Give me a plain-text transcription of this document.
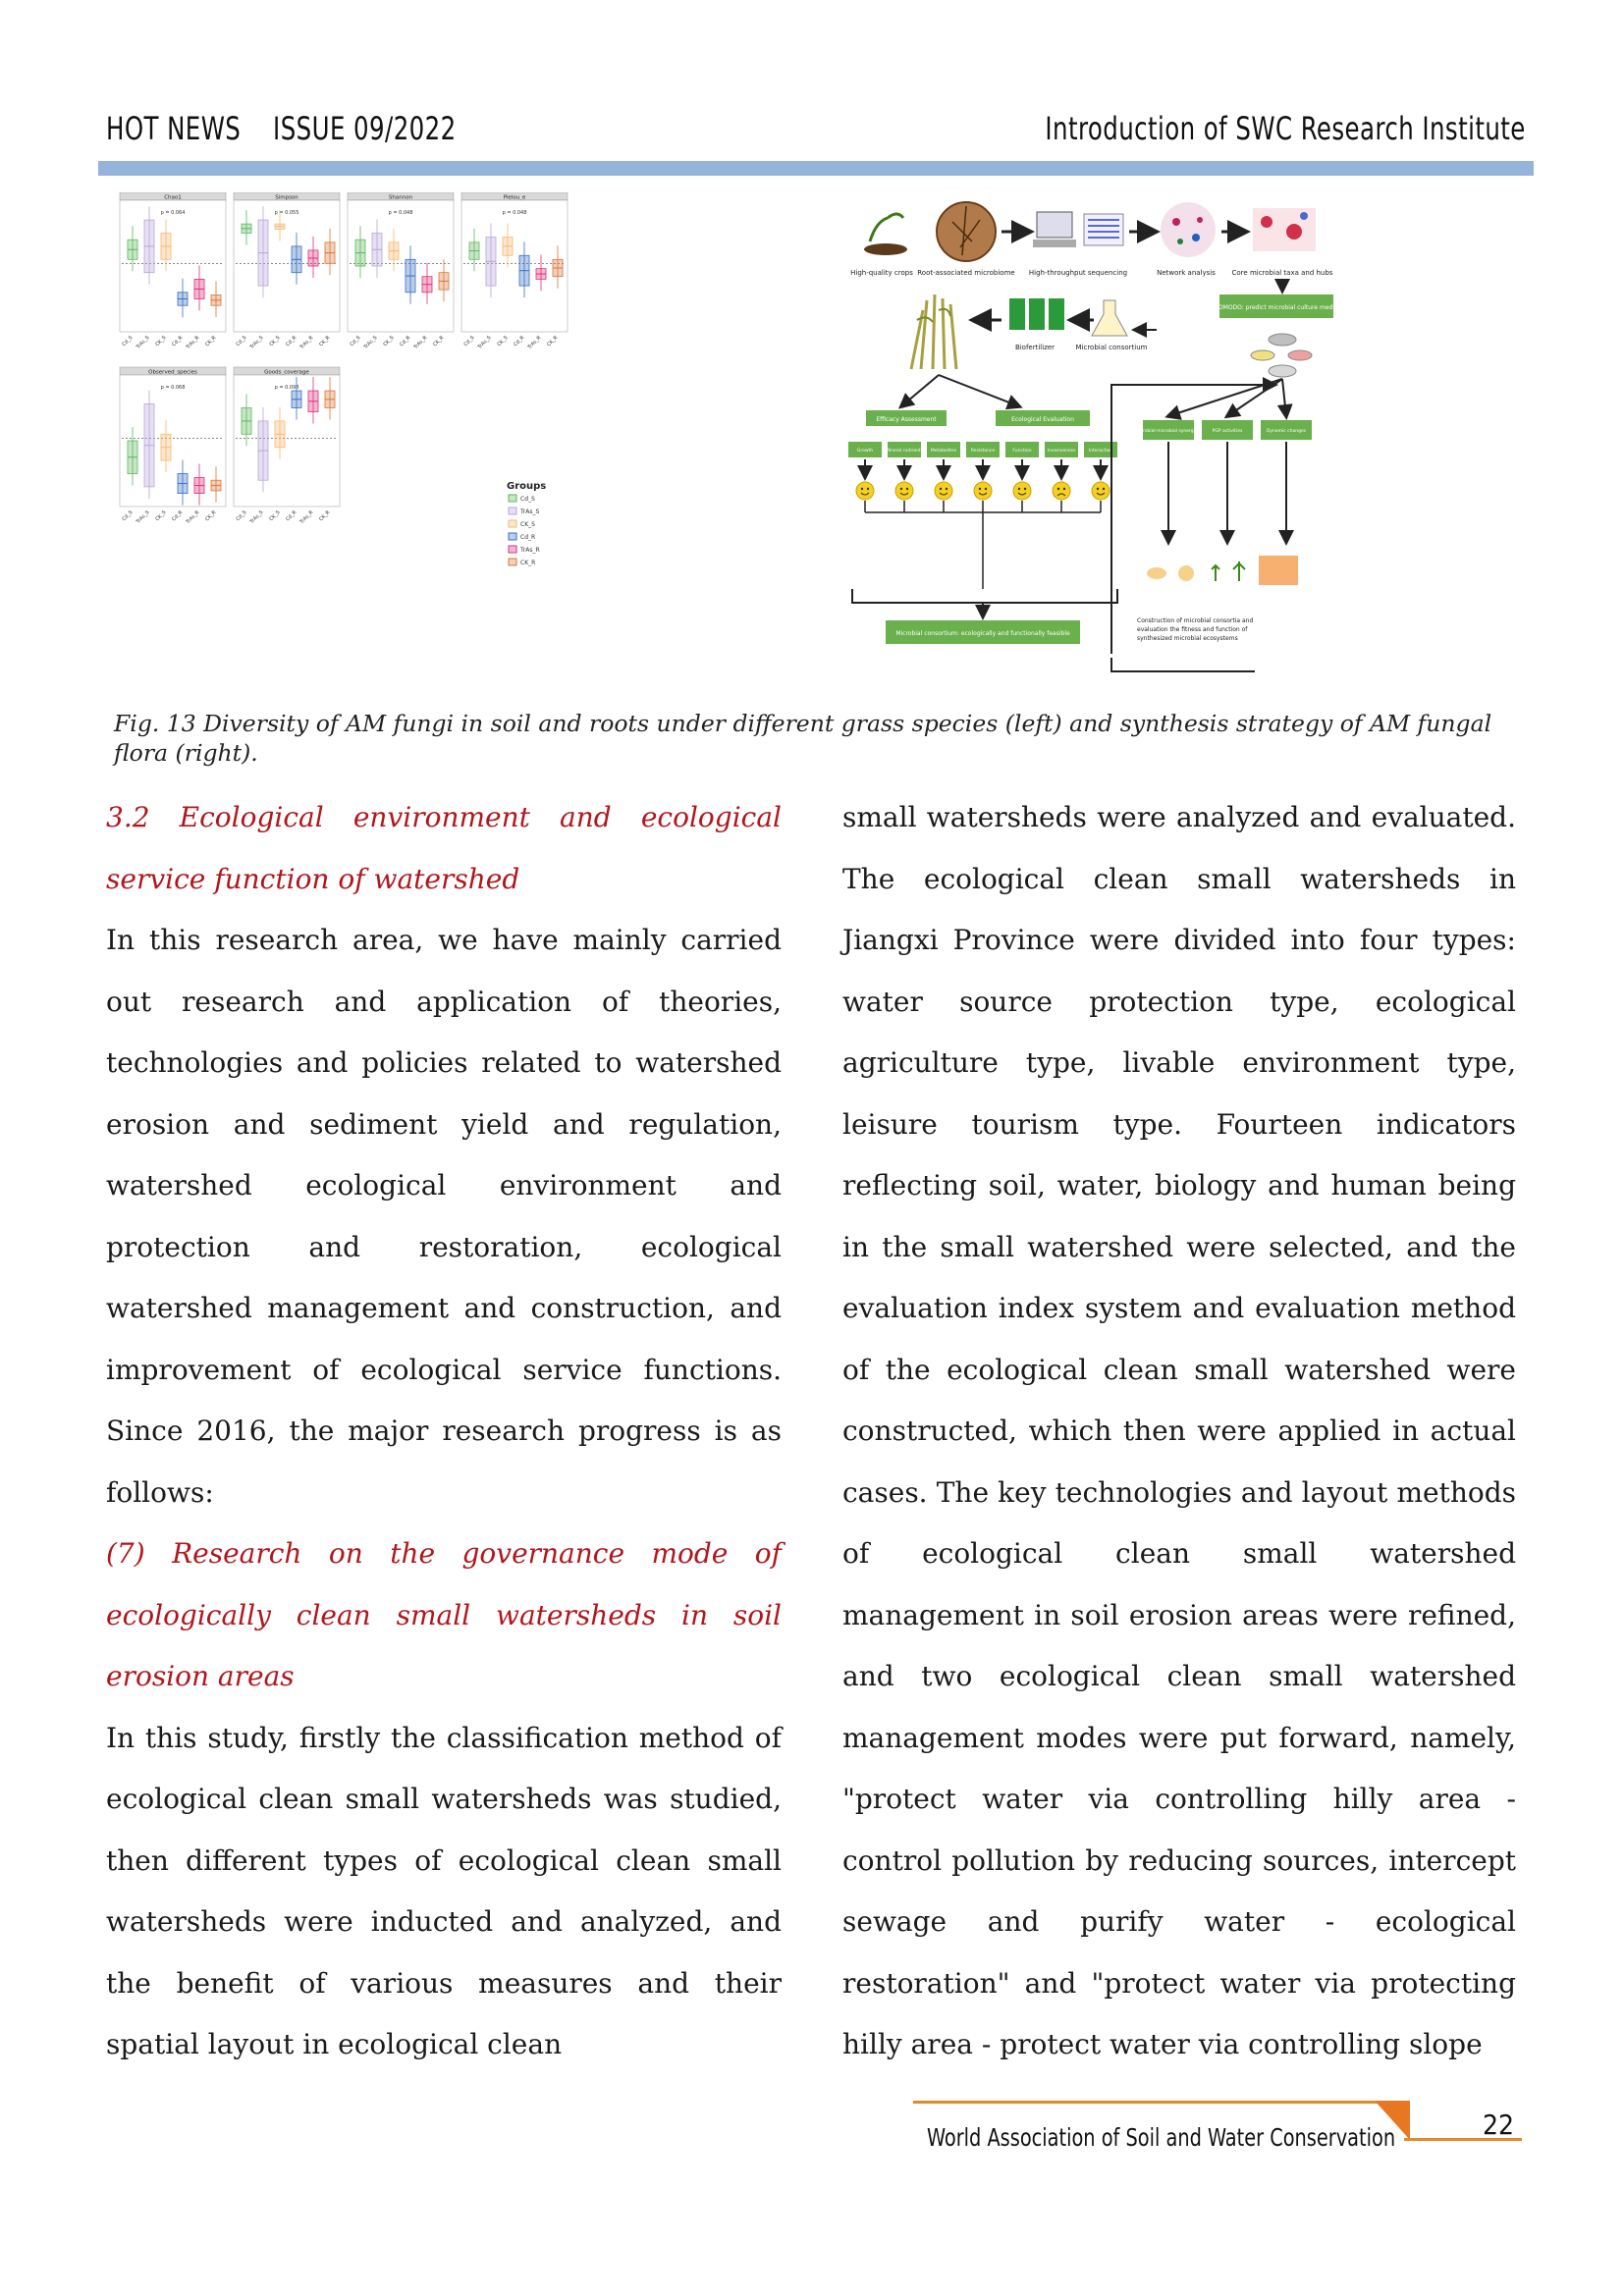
HOT NEWS    ISSUE 09/2022	Introduction of SWC Research Institute
Chao1
p = 0.064
Cd_S TrAs_S CK_S Cd_R TrAs_R CK_R
Simpson
p = 0.055
Cd_S TrAs_S CK_S Cd_R TrAs_R CK_R
Shannon
p = 0.048
Cd_S TrAs_S CK_S Cd_R TrAs_R CK_R
Pielou_e
p = 0.048
Cd_S TrAs_S CK_S Cd_R TrAs_R CK_R
Observed_species
p = 0.068
Cd_S TrAs_S CK_S Cd_R TrAs_R CK_R
Goods_coverage
p = 0.098
Cd_S TrAs_S CK_S Cd_R TrAs_R CK_R
Groups
Cd_S
TrAs_S
CK_S
Cd_R
TrAs_R
CK_R
High-quality crops Root-associated microbiome High-throughput sequencing	Network analysis Core microbial taxa and hubs
KOMODO: predict microbial culture media
Biofertilizer	Microbial consortium
Efficacy Assessment	Ecological Evaluation
Growth	Mineral nutrients Metabolites	Resistance	Function	Invasiveness	Interaction
Microbial-microbial synergism PGP activities	Dynamic changes
Microbial consortium: ecologically and functionally feasible
Construction of microbial consortia and evaluation the fitness and function of synthesized microbial ecosystems
Fig. 13 Diversity of AM fungi in soil and roots under different grass species (left) and synthesis strategy of AM fungal flora (right).

3.2 Ecological environment and ecological service function of watershed

In this research area, we have mainly carried out research and application of theories, technologies and policies related to watershed erosion and sediment yield and regulation, watershed ecological environment and protection and restoration, ecological watershed management and construction, and improvement of ecological service functions. Since 2016, the major research progress is as follows:

(7) Research on the governance mode of ecologically clean small watersheds in soil erosion areas

In this study, firstly the classification method of ecological clean small watersheds was studied, then different types of ecological clean small watersheds were inducted and analyzed, and the benefit of various measures and their spatial layout in ecological clean

small watersheds were analyzed and evaluated. The ecological clean small watersheds in Jiangxi Province were divided into four types: water source protection type, ecological agriculture type, livable environment type, leisure tourism type. Fourteen indicators reflecting soil, water, biology and human being in the small watershed were selected, and the evaluation index system and evaluation method of the ecological clean small watershed were constructed, which then were applied in actual cases. The key technologies and layout methods of ecological clean small watershed management in soil erosion areas were refined, and two ecological clean small watershed management modes were put forward, namely, "protect water via controlling hilly area - control pollution by reducing sources, intercept sewage and purify water - ecological restoration" and "protect water via protecting hilly area - protect water via controlling slope

World Association of Soil and Water Conservation	22
